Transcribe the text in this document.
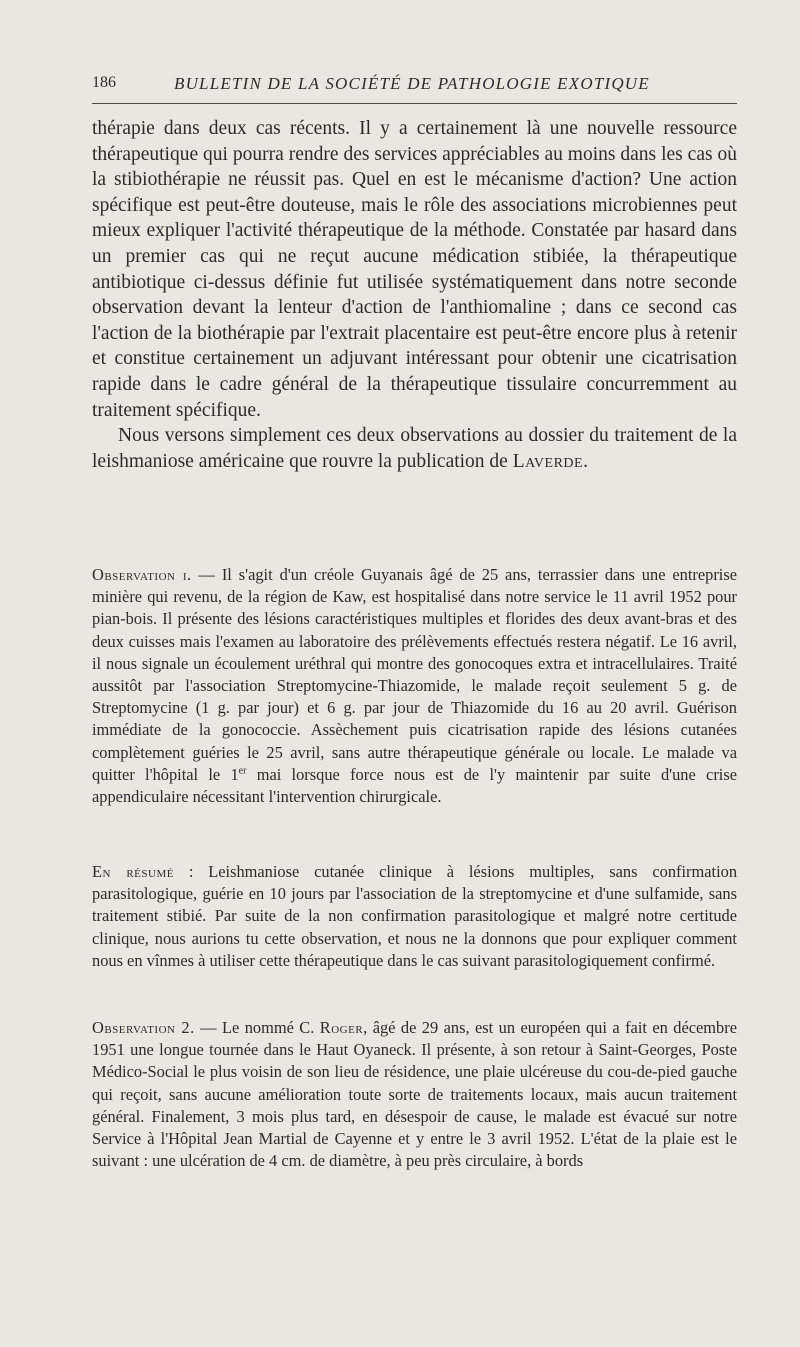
186	BULLETIN DE LA SOCIÉTÉ DE PATHOLOGIE EXOTIQUE

thérapie dans deux cas récents. Il y a certainement là une nouvelle ressource thérapeutique qui pourra rendre des services appréciables au moins dans les cas où la stibiothérapie ne réussit pas. Quel en est le mécanisme d'action? Une action spécifique est peut-être douteuse, mais le rôle des associations microbiennes peut mieux expliquer l'activité thérapeutique de la méthode. Constatée par hasard dans un premier cas qui ne reçut aucune médication stibiée, la thérapeutique antibiotique ci-dessus définie fut utilisée systématiquement dans notre seconde observation devant la lenteur d'action de l'anthiomaline ; dans ce second cas l'action de la biothérapie par l'extrait placentaire est peut-être encore plus à retenir et constitue certainement un adjuvant intéressant pour obtenir une cicatrisation rapide dans le cadre général de la thérapeutique tissulaire concurremment au traitement spécifique.

Nous versons simplement ces deux observations au dossier du traitement de la leishmaniose américaine que rouvre la publication de Laverde.

Observation i. — Il s'agit d'un créole Guyanais âgé de 25 ans, terrassier dans une entreprise minière qui revenu, de la région de Kaw, est hospitalisé dans notre service le 11 avril 1952 pour pian-bois. Il présente des lésions caractéristiques multiples et florides des deux avant-bras et des deux cuisses mais l'examen au laboratoire des prélèvements effectués restera négatif. Le 16 avril, il nous signale un écoulement uréthral qui montre des gonocoques extra et intracellulaires. Traité aussitôt par l'association Streptomycine-Thiazomide, le malade reçoit seulement 5 g. de Streptomycine (1 g. par jour) et 6 g. par jour de Thiazomide du 16 au 20 avril. Guérison immédiate de la gonococcie. Assèchement puis cicatrisation rapide des lésions cutanées complètement guéries le 25 avril, sans autre thérapeutique générale ou locale. Le malade va quitter l'hôpital le 1er mai lorsque force nous est de l'y maintenir par suite d'une crise appendiculaire nécessitant l'intervention chirurgicale.

En résumé : Leishmaniose cutanée clinique à lésions multiples, sans confirmation parasitologique, guérie en 10 jours par l'association de la streptomycine et d'une sulfamide, sans traitement stibié. Par suite de la non confirmation parasitologique et malgré notre certitude clinique, nous aurions tu cette observation, et nous ne la donnons que pour expliquer comment nous en vînmes à utiliser cette thérapeutique dans le cas suivant parasitologiquement confirmé.

Observation 2. — Le nommé C. Roger, âgé de 29 ans, est un européen qui a fait en décembre 1951 une longue tournée dans le Haut Oyaneck. Il présente, à son retour à Saint-Georges, Poste Médico-Social le plus voisin de son lieu de résidence, une plaie ulcéreuse du cou-de-pied gauche qui reçoit, sans aucune amélioration toute sorte de traitements locaux, mais aucun traitement général. Finalement, 3 mois plus tard, en désespoir de cause, le malade est évacué sur notre Service à l'Hôpital Jean Martial de Cayenne et y entre le 3 avril 1952. L'état de la plaie est le suivant : une ulcération de 4 cm. de diamètre, à peu près circulaire, à bords
